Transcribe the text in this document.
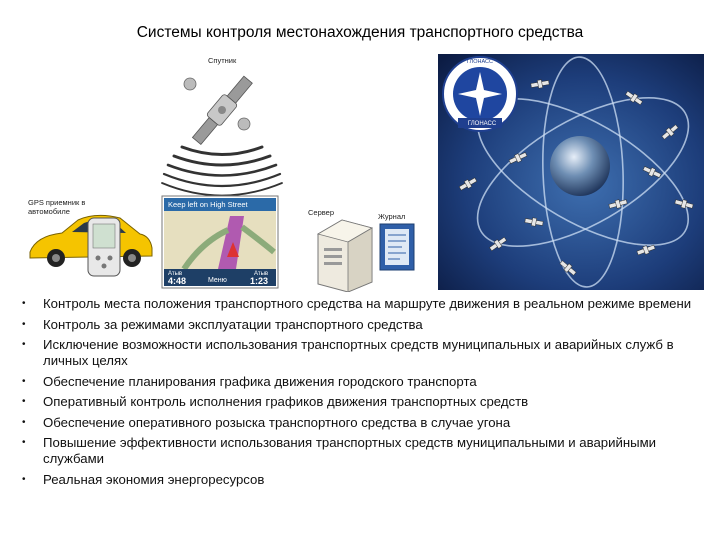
Системы контроля местонахождения транспортного средства
Спутник
GPS приемник в
автомобиле
Keep left on High Street
Атыв
4:48	Меню
Атыв
1:23
Сервер	Журнал
ГЛОНАСС
ГЛОНАСС
• Контроль места положения транспортного средства на маршруте движения в реальном режиме времени
• Контроль за режимами эксплуатации транспортного средства
• Исключение возможности использования транспортных средств муниципальных и аварийных служб в личных целях
• Обеспечение планирования графика движения городского транспорта
• Оперативный контроль исполнения графиков движения транспортных средств
• Обеспечение оперативного розыска транспортного средства в случае угона
• Повышение эффективности использования транспортных средств муниципальными и аварийными службами
• Реальная экономия энергоресурсов
